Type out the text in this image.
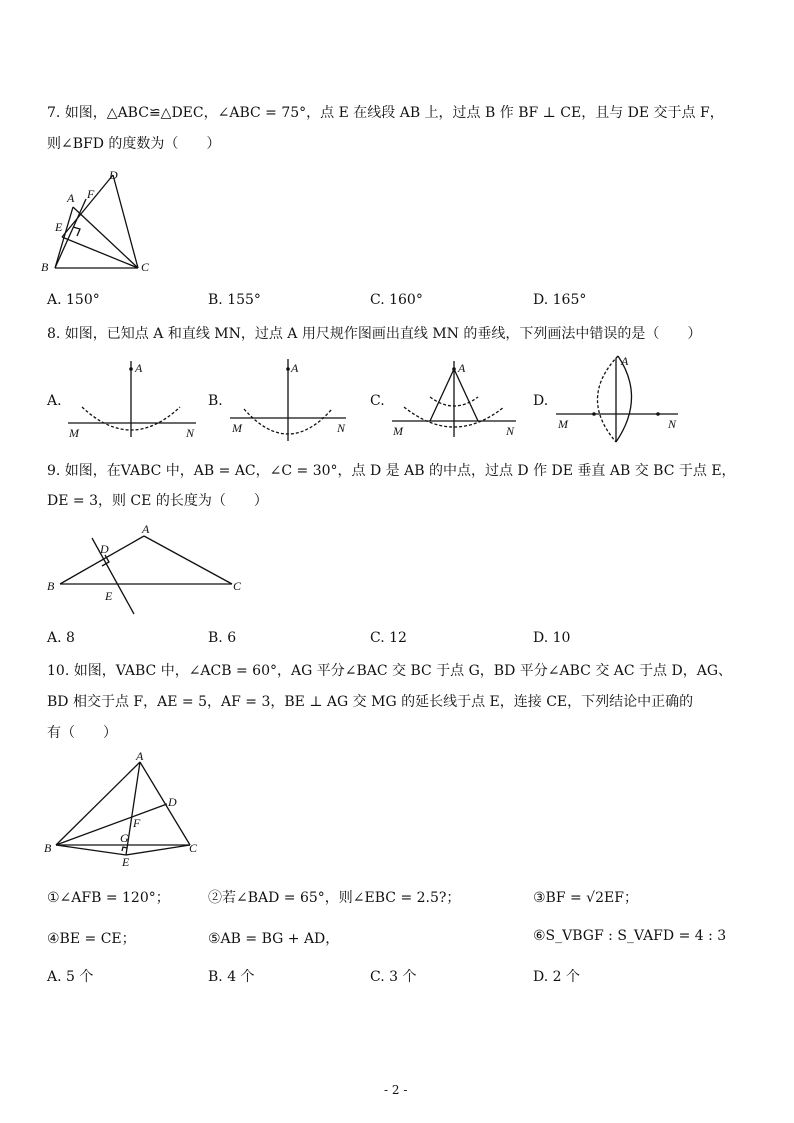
7. 如图，△ABC≌△DEC，∠ABC = 75°，点 E 在线段 AB 上，过点 B 作 BF ⊥ CE，且与 DE 交于点 F，
则∠BFD 的度数为（　　）
B	C
A
D
F
E
A. 150°	B. 155°	C. 160°	D. 165°
8. 如图，已知点 A 和直线 MN，过点 A 用尺规作图画出直线 MN 的垂线，下列画法中错误的是（　　）
A.
A
M	N
B.
A
M	N
C.
A
M	N
D.
A
M	N
9. 如图，在VABC 中，AB = AC，∠C = 30°，点 D 是 AB 的中点，过点 D 作 DE 垂直 AB 交 BC 于点 E，
DE = 3，则 CE 的长度为（　　）
A
B	C
D
E
A. 8	B. 6	C. 12	D. 10
10. 如图，VABC 中，∠ACB = 60°，AG 平分∠BAC 交 BC 于点 G，BD 平分∠ABC 交 AC 于点 D，AG、
BD 相交于点 F，AE = 5，AF = 3，BE ⊥ AG 交 MG 的延长线于点 E，连接 CE，下列结论中正确的
有（　　）
A
B	C
D
F
G
E
①∠AFB = 120°；	②若∠BAD = 65°，则∠EBC = 2.5?；	③BF = √2EF；
④BE = CE；	⑤AB = BG + AD，	⑥S_VBGF : S_VAFD = 4 : 3
A. 5 个	B. 4 个	C. 3 个	D. 2 个
- 2 -
